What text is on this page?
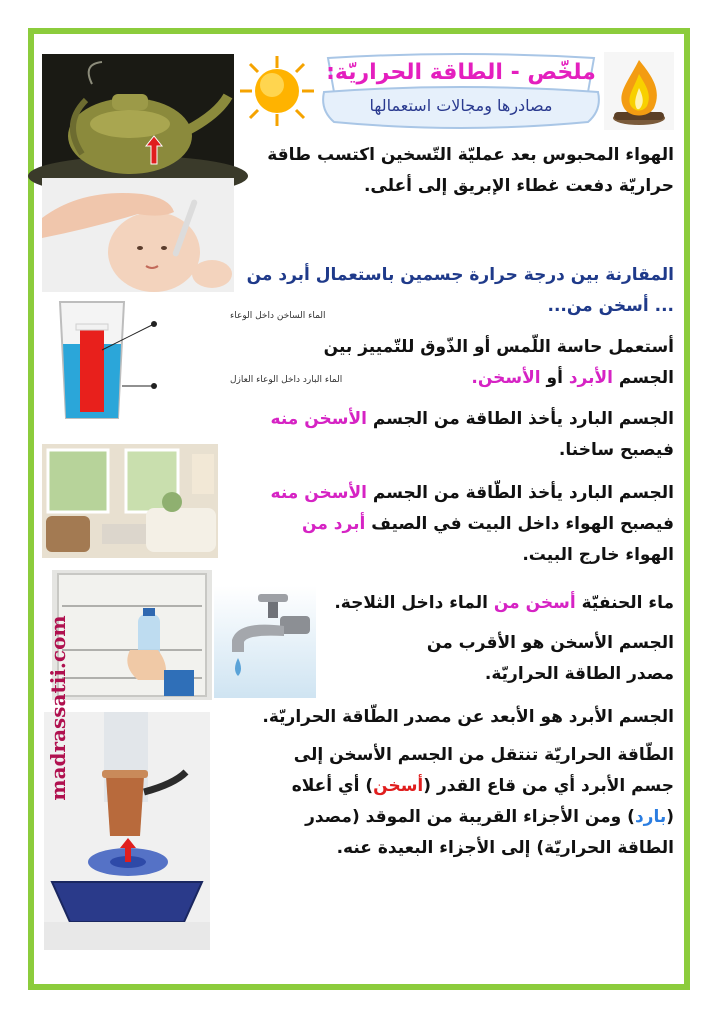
ملخّص - الطاقة الحراريّة:
مصادرها ومجالات استعمالها
الماء الساخن داخل الوعاء
الماء البارد داخل الوعاء العازل
madrassatii.com
الهواء المحبوس بعد عمليّة التّسخين اكتسب طاقة حراريّة دفعت غطاء الإبريق إلى أعلى.
المقارنة بين درجة حرارة جسمين باستعمال أبرد من ... أسخن من...
أستعمل حاسة اللّمس أو الذّوق للتّمييز بين الجسم الأبرد أو الأسخن.
الجسم البارد يأخذ الطاقة من الجسم الأسخن منه فيصبح ساخنا.
الجسم البارد يأخذ الطّاقة من الجسم الأسخن منه فيصبح الهواء داخل البيت في الصيف أبرد من الهواء خارج البيت.
ماء الحنفيّة أسخن من الماء داخل الثلاجة.
الجسم الأسخن هو الأقرب من مصدر الطاقة الحراريّة.
الجسم الأبرد هو الأبعد عن مصدر الطّاقة الحراريّة.
الطّاقة الحراريّة تنتقل من الجسم الأسخن إلى جسم الأبرد أي من قاع القدر (أسخن) أي أعلاه (بارد) ومن الأجزاء القريبة من الموقد (مصدر الطاقة الحراريّة) إلى الأجزاء البعيدة عنه.
